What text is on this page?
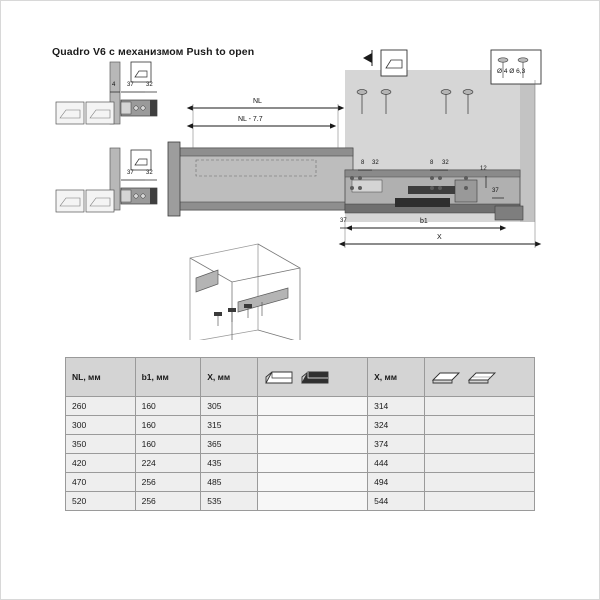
Quadro V6 с механизмом Push to open
NL
NL - 7.7
b1
X
4 37 32
37 32
8 32	8 32
12
37
37
Ø 4 Ø 6,3
NL, мм	b1, мм	X, мм		X, мм	

260	160	305		314	
300	160	315		324	
350	160	365		374	
420	224	435		444	
470	256	485		494	
520	256	535		544	
